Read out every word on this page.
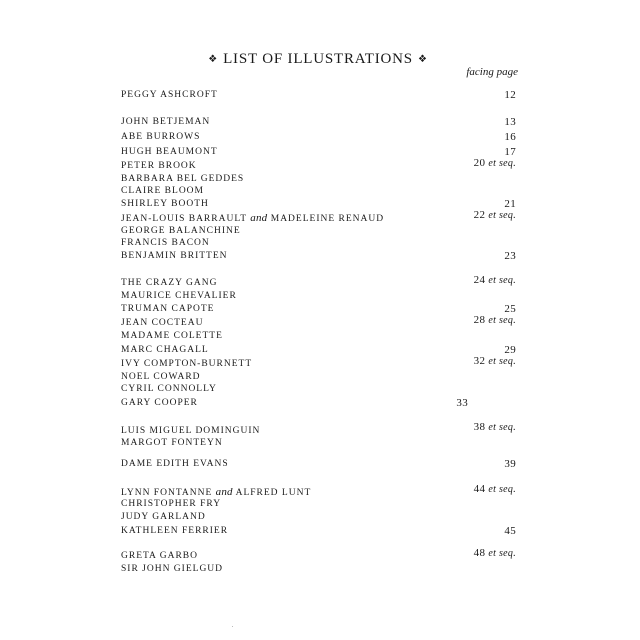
❖ LIST OF ILLUSTRATIONS ❖
facing page
PEGGY ASHCROFT	12
JOHN BETJEMAN	13
ABE BURROWS	16
HUGH BEAUMONT	17
PETER BROOK	20 et seq.
BARBARA BEL GEDDES
CLAIRE BLOOM
SHIRLEY BOOTH	21
JEAN-LOUIS BARRAULT and MADELEINE RENAUD	22 et seq.
GEORGE BALANCHINE
FRANCIS BACON
BENJAMIN BRITTEN	23
THE CRAZY GANG	24 et seq.
MAURICE CHEVALIER
TRUMAN CAPOTE	25
JEAN COCTEAU	28 et seq.
MADAME COLETTE
MARC CHAGALL	29
IVY COMPTON-BURNETT	32 et seq.
NOEL COWARD
CYRIL CONNOLLY
GARY COOPER	33
LUIS MIGUEL DOMINGUIN	38 et seq.
MARGOT FONTEYN
DAME EDITH EVANS	39
LYNN FONTANNE and ALFRED LUNT	44 et seq.
CHRISTOPHER FRY
JUDY GARLAND
KATHLEEN FERRIER	45
GRETA GARBO	48 et seq.
SIR JOHN GIELGUD
